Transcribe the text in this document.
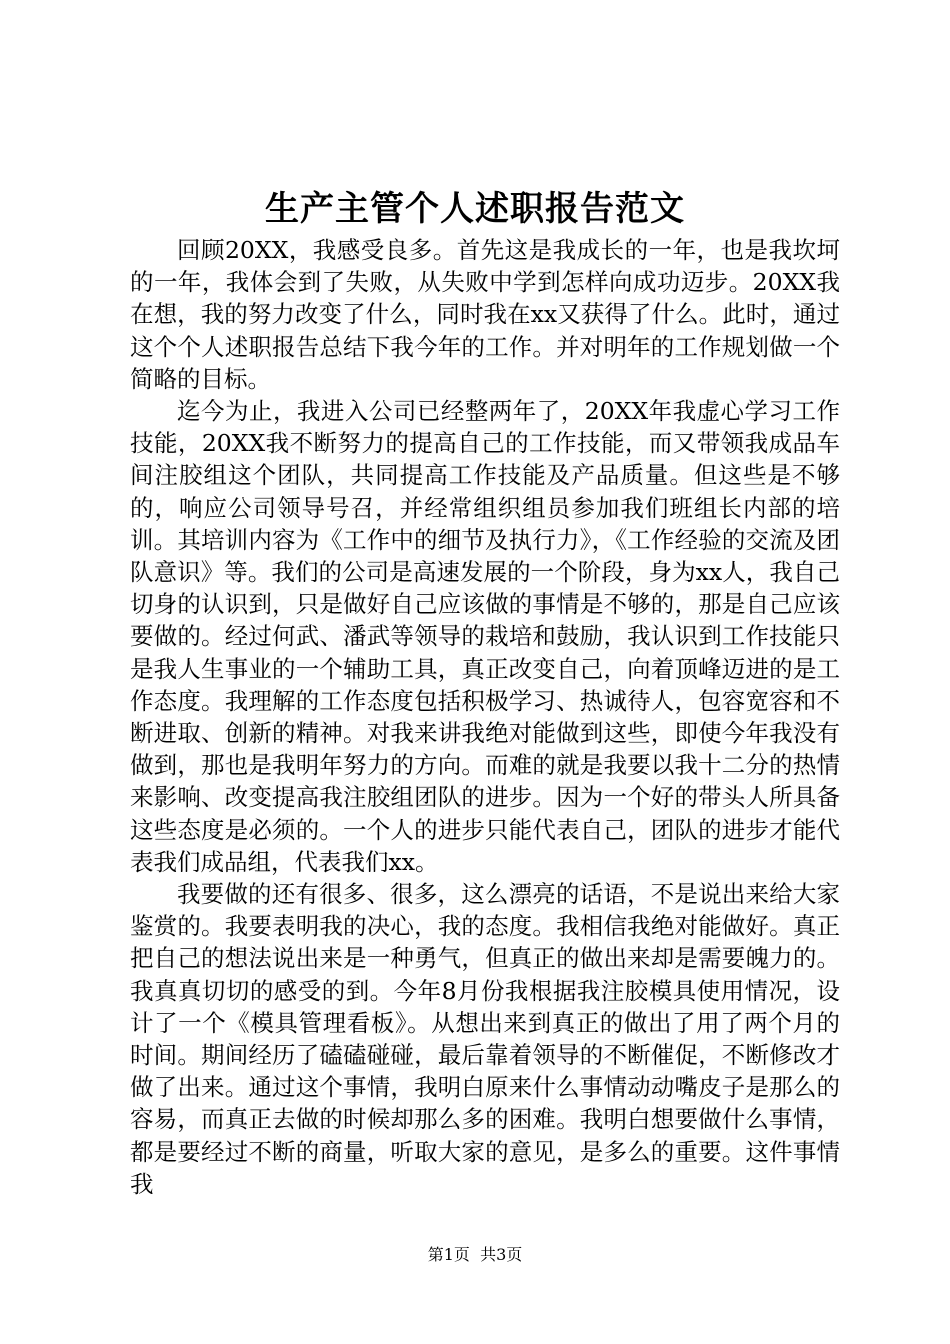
生产主管个人述职报告范文

回顾20XX，我感受良多。首先这是我成长的一年，也是我坎坷的一年，我体会到了失败，从失败中学到怎样向成功迈步。20XX我在想，我的努力改变了什么，同时我在xx又获得了什么。此时，通过这个个人述职报告总结下我今年的工作。并对明年的工作规划做一个简略的目标。

迄今为止，我进入公司已经整两年了，20XX年我虚心学习工作技能，20XX我不断努力的提高自己的工作技能，而又带领我成品车间注胶组这个团队，共同提高工作技能及产品质量。但这些是不够的，响应公司领导号召，并经常组织组员参加我们班组长内部的培训。其培训内容为《工作中的细节及执行力》，《工作经验的交流及团队意识》等。我们的公司是高速发展的一个阶段，身为xx人，我自己切身的认识到，只是做好自己应该做的事情是不够的，那是自己应该要做的。经过何武、潘武等领导的栽培和鼓励，我认识到工作技能只是我人生事业的一个辅助工具，真正改变自己，向着顶峰迈进的是工作态度。我理解的工作态度包括积极学习、热诚待人，包容宽容和不断进取、创新的精神。对我来讲我绝对能做到这些，即使今年我没有做到，那也是我明年努力的方向。而难的就是我要以我十二分的热情来影响、改变提高我注胶组团队的进步。因为一个好的带头人所具备这些态度是必须的。一个人的进步只能代表自己，团队的进步才能代表我们成品组，代表我们xx。

我要做的还有很多、很多，这么漂亮的话语，不是说出来给大家鉴赏的。我要表明我的决心，我的态度。我相信我绝对能做好。真正把自己的想法说出来是一种勇气，但真正的做出来却是需要魄力的。我真真切切的感受的到。今年8月份我根据我注胶模具使用情况，设计了一个《模具管理看板》。从想出来到真正的做出了用了两个月的时间。期间经历了磕磕碰碰，最后靠着领导的不断催促，不断修改才做了出来。通过这个事情，我明白原来什么事情动动嘴皮子是那么的容易，而真正去做的时候却那么多的困难。我明白想要做什么事情，都是要经过不断的商量，听取大家的意见，是多么的重要。这件事情我

第1页 共3页
